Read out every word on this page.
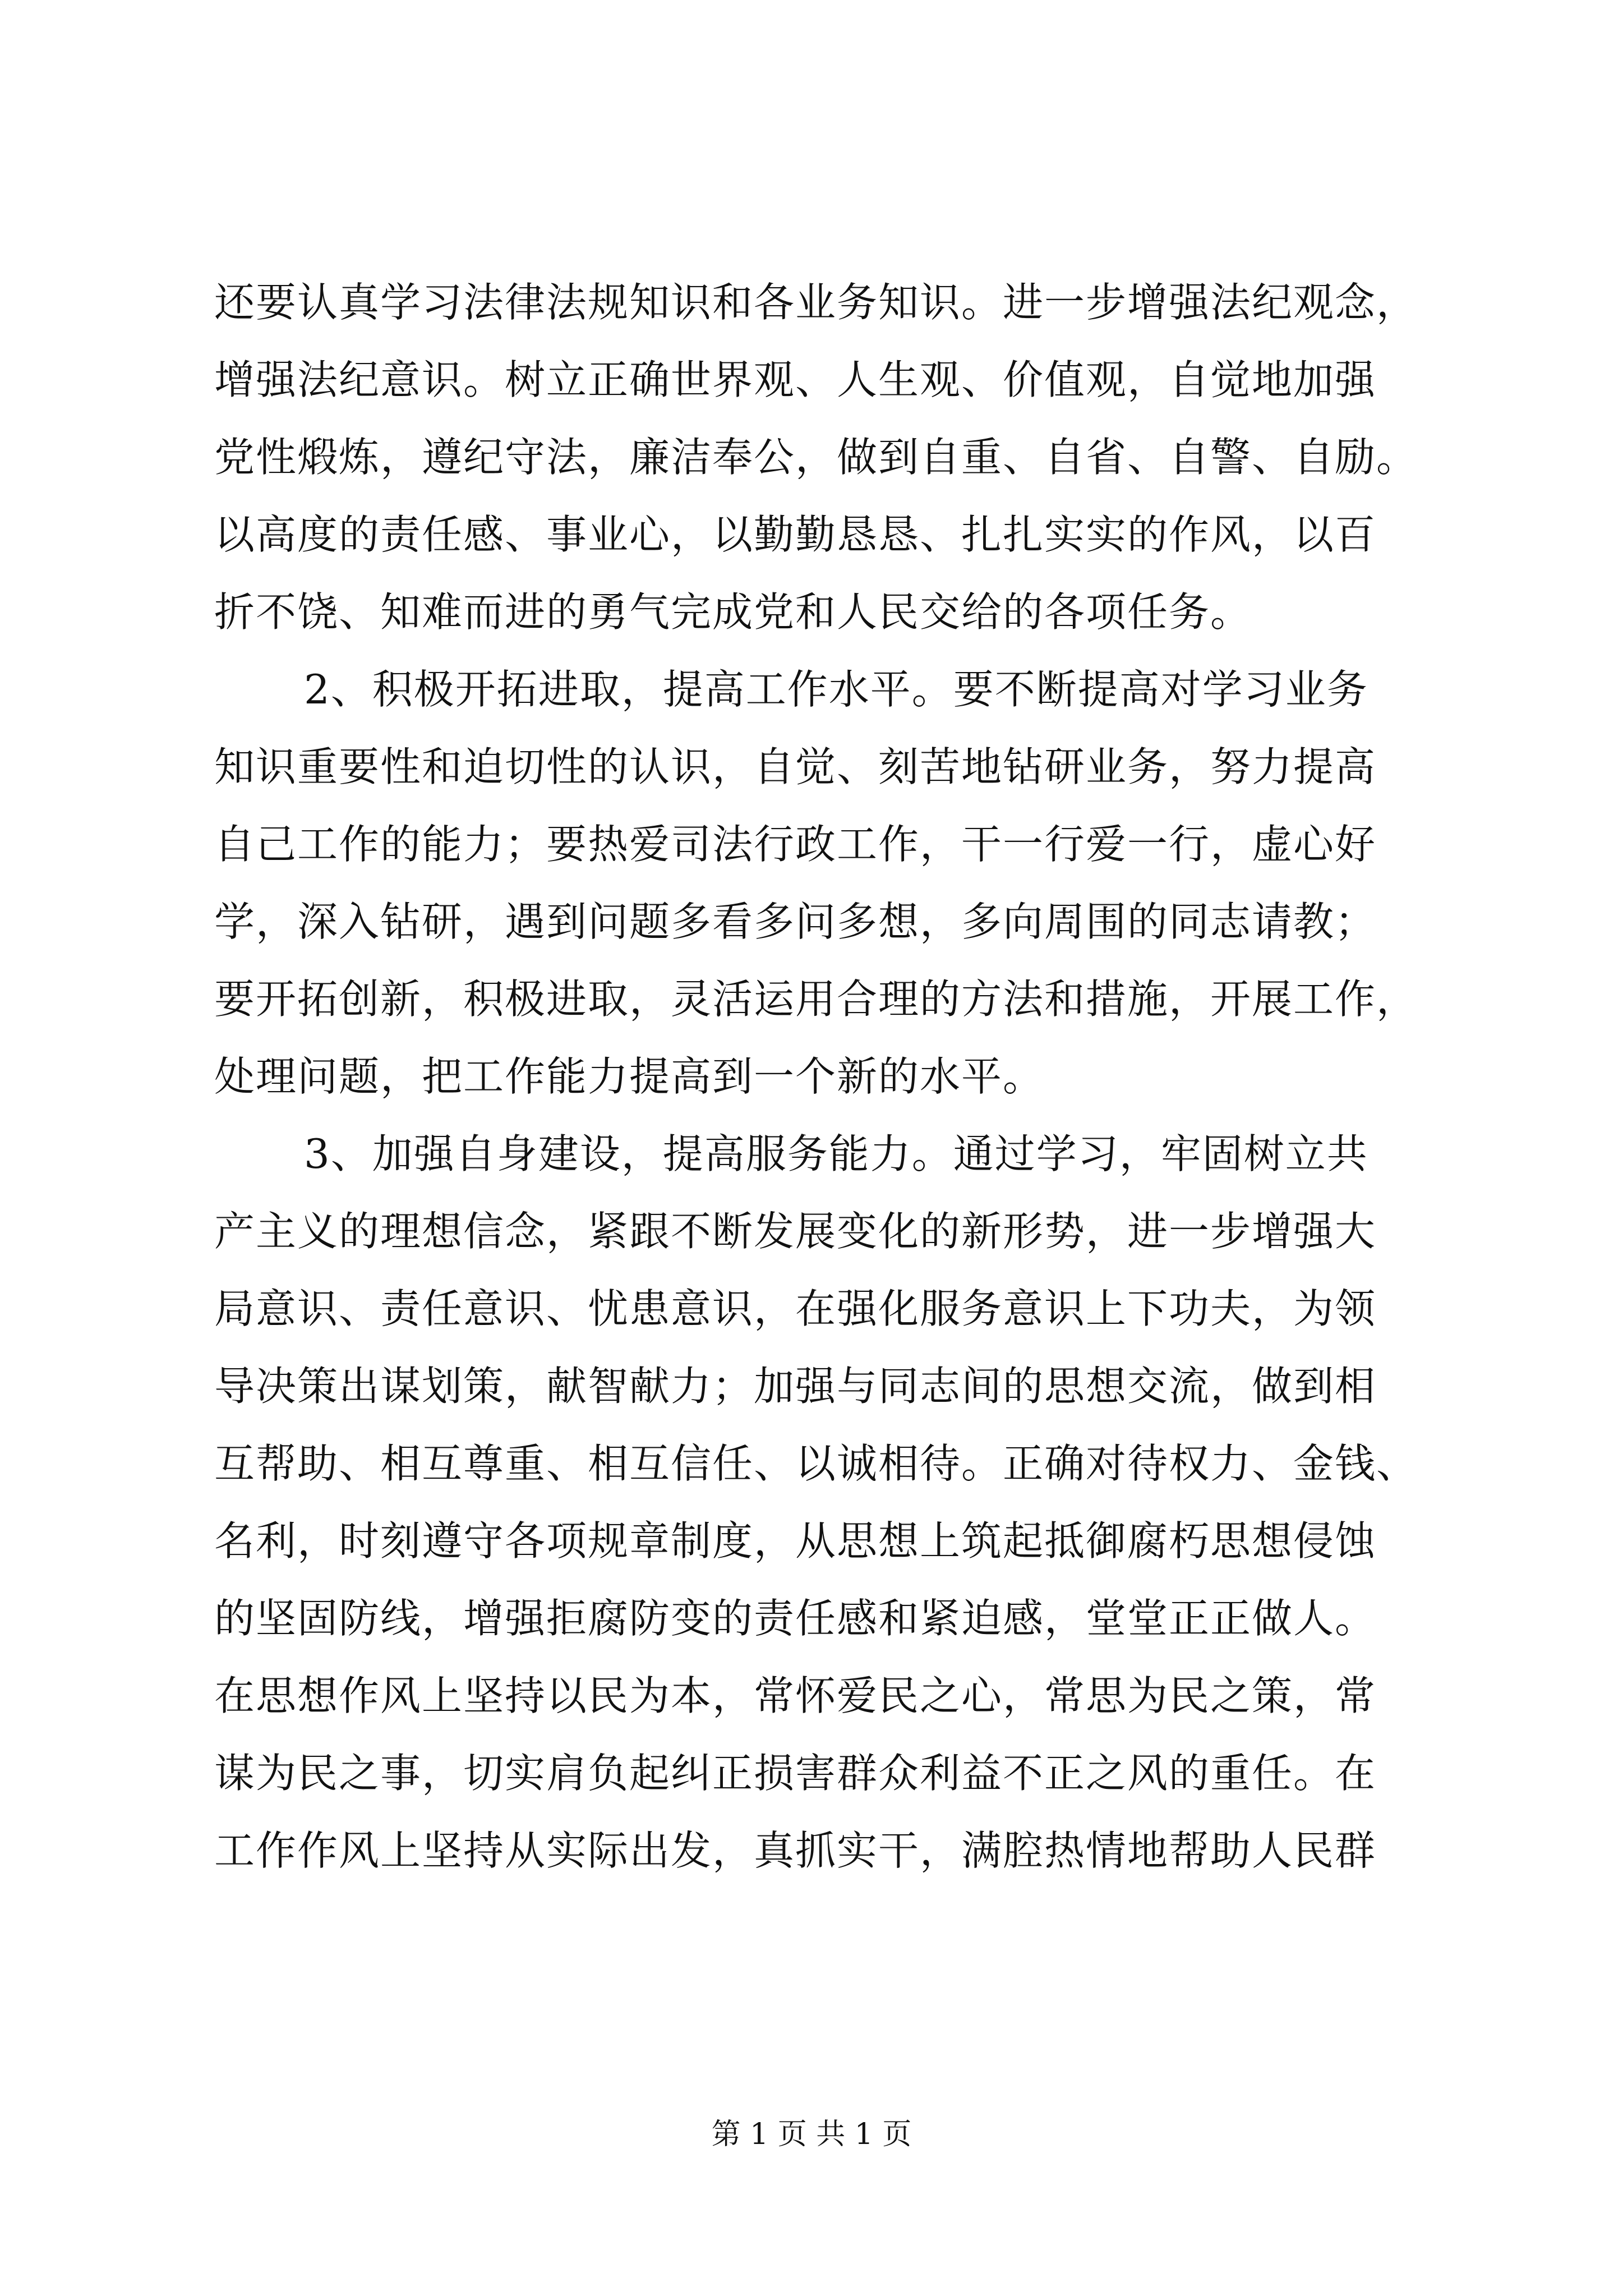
还要认真学习法律法规知识和各业务知识。进一步增强法纪观念，
增强法纪意识。树立正确世界观、人生观、价值观，自觉地加强
党性煅炼，遵纪守法，廉洁奉公，做到自重、自省、自警、自励。
以高度的责任感、事业心，以勤勤恳恳、扎扎实实的作风，以百
折不饶、知难而进的勇气完成党和人民交给的各项任务。
2、积极开拓进取，提高工作水平。要不断提高对学习业务
知识重要性和迫切性的认识，自觉、刻苦地钻研业务，努力提高
自己工作的能力；要热爱司法行政工作，干一行爱一行，虚心好
学，深入钻研，遇到问题多看多问多想，多向周围的同志请教；
要开拓创新，积极进取，灵活运用合理的方法和措施，开展工作，
处理问题，把工作能力提高到一个新的水平。
3、加强自身建设，提高服务能力。通过学习，牢固树立共
产主义的理想信念，紧跟不断发展变化的新形势，进一步增强大
局意识、责任意识、忧患意识，在强化服务意识上下功夫，为领
导决策出谋划策，献智献力；加强与同志间的思想交流，做到相
互帮助、相互尊重、相互信任、以诚相待。正确对待权力、金钱、
名利，时刻遵守各项规章制度，从思想上筑起抵御腐朽思想侵蚀
的坚固防线，增强拒腐防变的责任感和紧迫感，堂堂正正做人。
在思想作风上坚持以民为本，常怀爱民之心，常思为民之策，常
谋为民之事，切实肩负起纠正损害群众利益不正之风的重任。在
工作作风上坚持从实际出发，真抓实干，满腔热情地帮助人民群
第 1 页 共 1 页
